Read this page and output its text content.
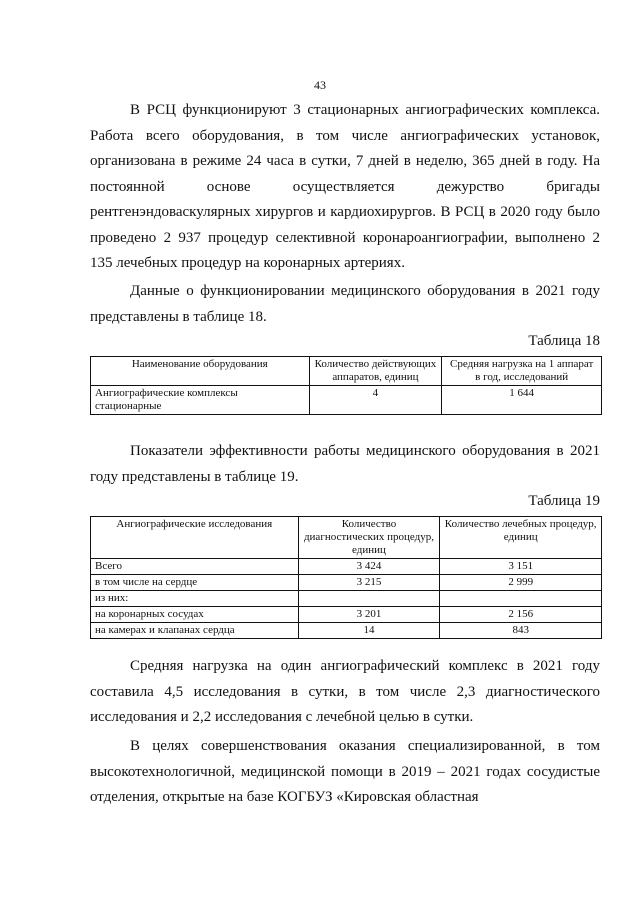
43

В РСЦ функционируют 3 стационарных ангиографических комплекса. Работа всего оборудования, в том числе ангиографических установок, организована в режиме 24 часа в сутки, 7 дней в неделю, 365 дней в году. На постоянной основе осуществляется дежурство бригады рентгенэндоваскулярных хирургов и кардиохирургов. В РСЦ в 2020 году было проведено 2 937 процедур селективной коронароангиографии, выполнено 2 135 лечебных процедур на коронарных артериях.

Данные о функционировании медицинского оборудования в 2021 году представлены в таблице 18.

Таблица 18
Наименование оборудования	Количество действующих аппаратов, единиц	Средняя нагрузка на 1 аппарат в год, исследований
Ангиографические комплексы стационарные	4	1 644

Показатели эффективности работы медицинского оборудования в 2021 году представлены в таблице 19.

Таблица 19
Ангиографические исследования	Количество диагностических процедур, единиц	Количество лечебных процедур, единиц
Всего	3 424	3 151
в том числе на сердце	3 215	2 999
из них:		
на коронарных сосудах	3 201	2 156
на камерах и клапанах сердца	14	843

Средняя нагрузка на один ангиографический комплекс в 2021 году составила 4,5 исследования в сутки, в том числе 2,3 диагностического исследования и 2,2 исследования с лечебной целью в сутки.

В целях совершенствования оказания специализированной, в том высокотехнологичной, медицинской помощи в 2019 – 2021 годах сосудистые отделения, открытые на базе КОГБУЗ «Кировская областная
